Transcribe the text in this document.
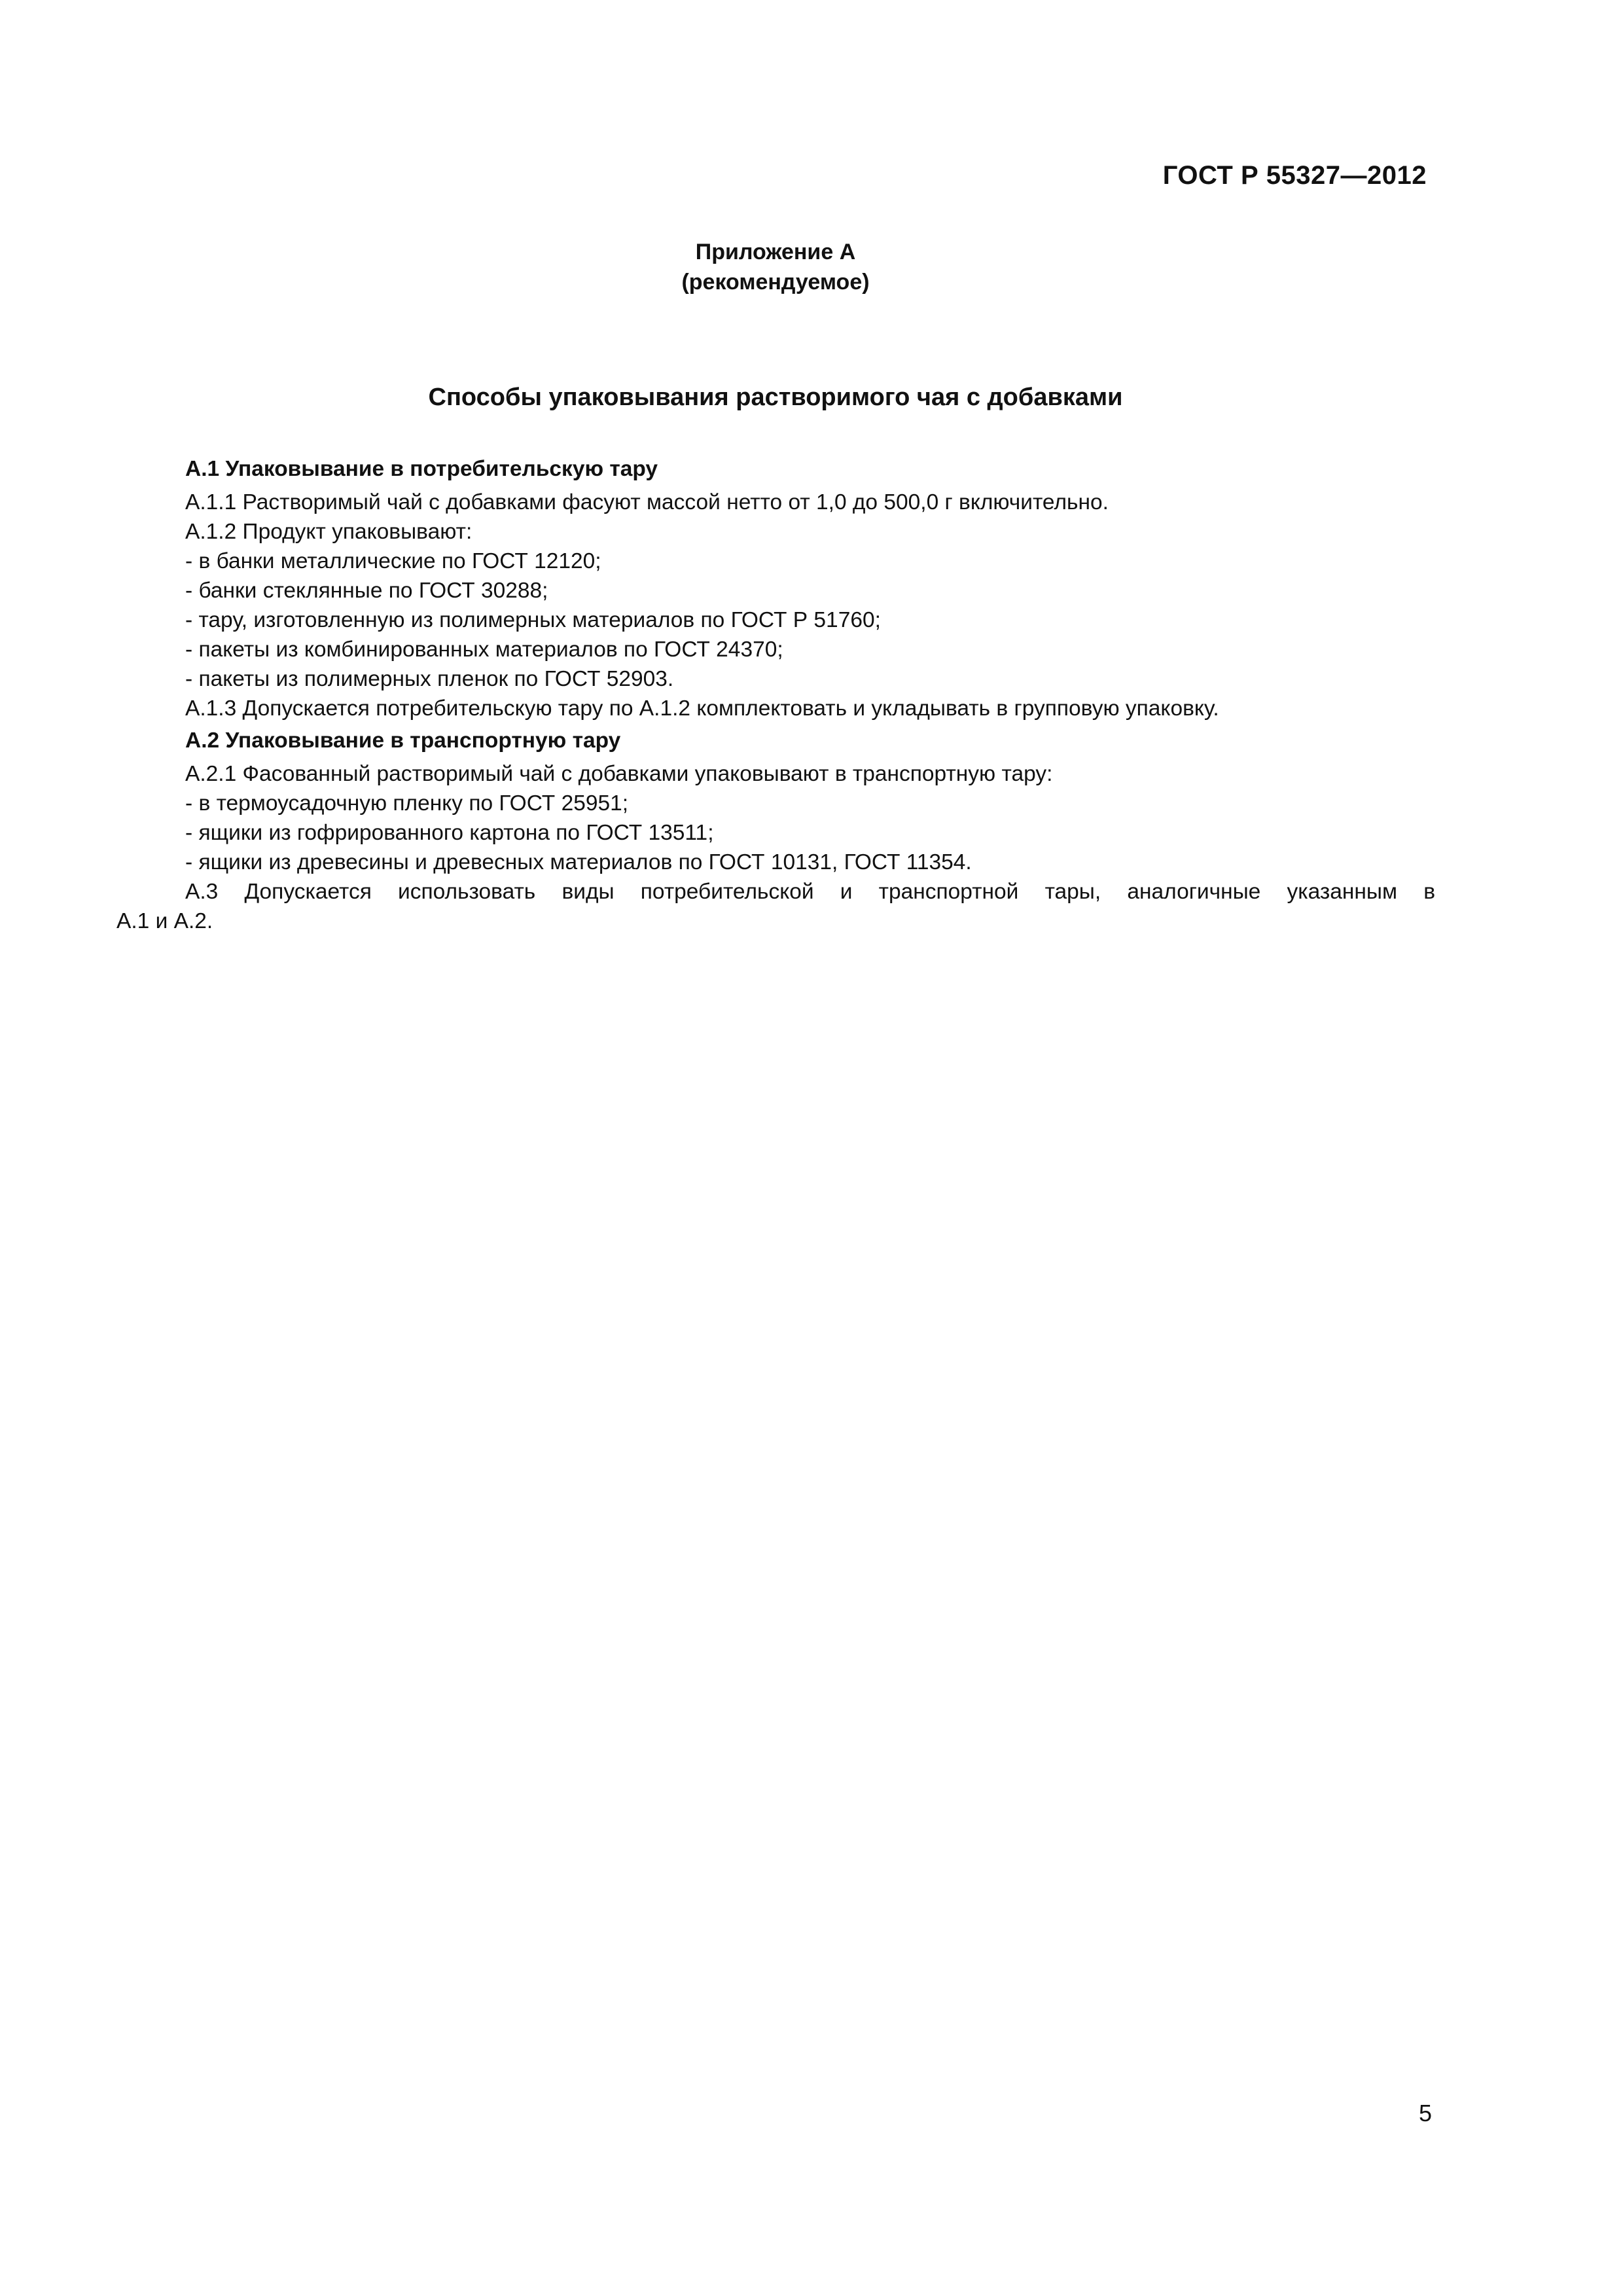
ГОСТ Р 55327—2012
Приложение А
(рекомендуемое)
Способы упаковывания растворимого чая с добавками
А.1 Упаковывание в потребительскую тару
А.1.1 Растворимый чай с добавками фасуют массой нетто от 1,0 до 500,0 г включительно.
А.1.2 Продукт упаковывают:
- в банки металлические по ГОСТ 12120;
- банки стеклянные по ГОСТ 30288;
- тару, изготовленную из полимерных материалов по ГОСТ Р 51760;
- пакеты из комбинированных материалов по ГОСТ 24370;
- пакеты из полимерных пленок по ГОСТ 52903.
А.1.3 Допускается потребительскую тару по А.1.2 комплектовать и укладывать в групповую упаковку.
А.2 Упаковывание в транспортную тару
А.2.1 Фасованный растворимый чай с добавками упаковывают в транспортную тару:
- в термоусадочную пленку по ГОСТ 25951;
- ящики из гофрированного картона по ГОСТ 13511;
- ящики из древесины и древесных материалов по ГОСТ 10131, ГОСТ 11354.
А.3 Допускается использовать виды потребительской и транспортной тары, аналогичные указанным в
А.1 и А.2.
5
